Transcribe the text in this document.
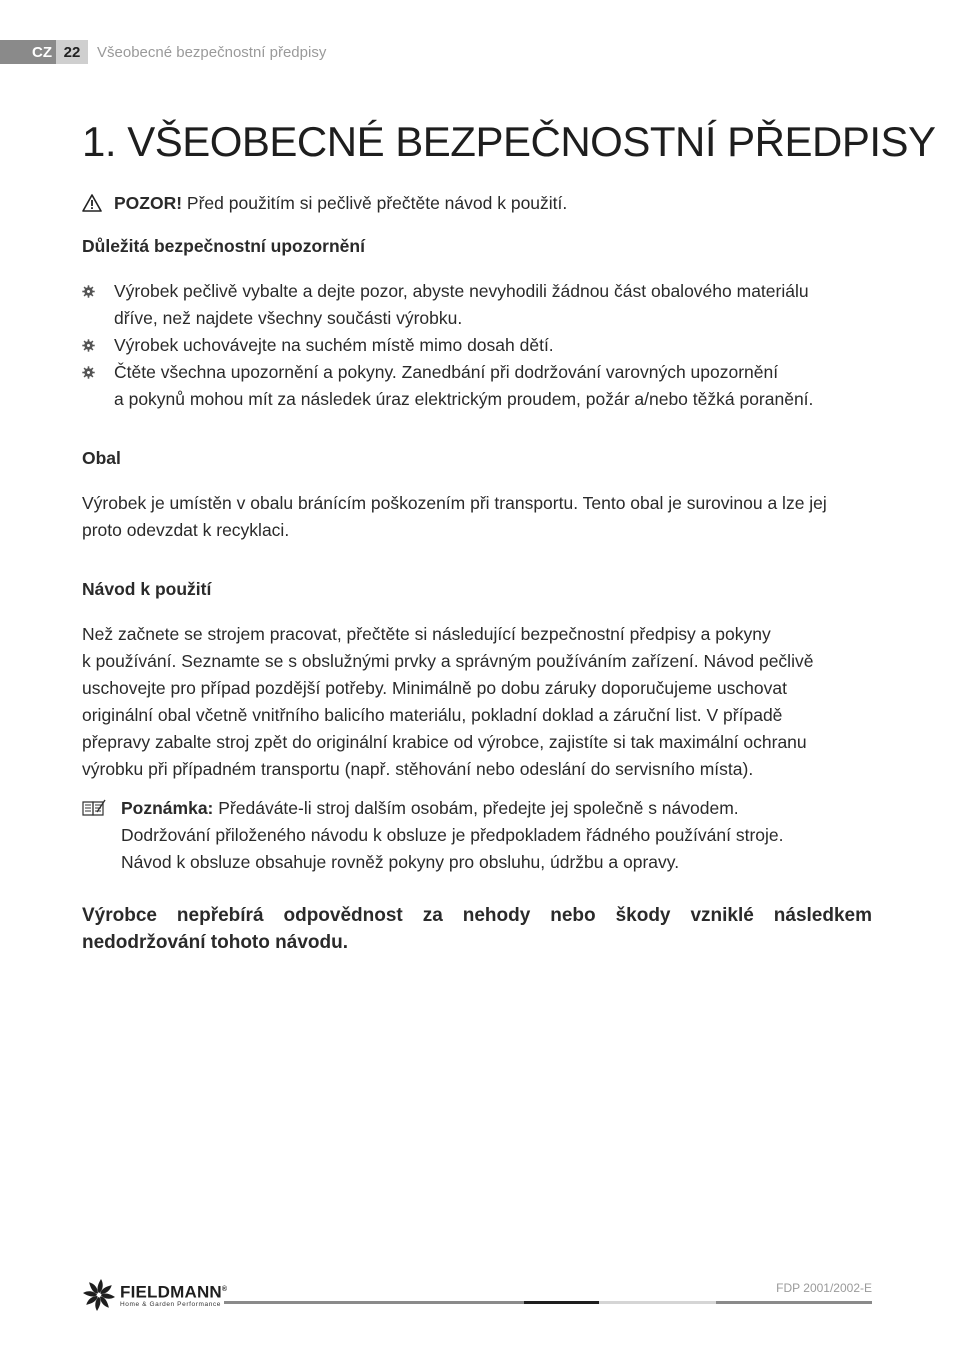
CZ 22	Všeobecné bezpečnostní předpisy
1. VŠEOBECNÉ BEZPEČNOSTNÍ PŘEDPISY

POZOR! Před použitím si pečlivě přečtěte návod k použití.

Důležitá bezpečnostní upozornění
Výrobek pečlivě vybalte a dejte pozor, abyste nevyhodili žádnou část obalového materiálu
dříve, než najdete všechny součásti výrobku.
Výrobek uchovávejte na suchém místě mimo dosah dětí.
Čtěte všechna upozornění a pokyny. Zanedbání při dodržování varovných upozornění
a pokynů mohou mít za následek úraz elektrickým proudem, požár a/nebo těžká poranění.
Obal

Výrobek je umístěn v obalu bránícím poškozením při transportu. Tento obal je surovinou a lze jej
proto odevzdat k recyklaci.

Návod k použití

Než začnete se strojem pracovat, přečtěte si následující bezpečnostní předpisy a pokyny
k používání. Seznamte se s obslužnými prvky a správným používáním zařízení. Návod pečlivě
uschovejte pro případ pozdější potřeby. Minimálně po dobu záruky doporučujeme uschovat
originální obal včetně vnitřního balicího materiálu, pokladní doklad a záruční list. V případě
přepravy zabalte stroj zpět do originální krabice od výrobce, zajistíte si tak maximální ochranu
výrobku při případném transportu (např. stěhování nebo odeslání do servisního místa).

Poznámka: Předáváte-li stroj dalším osobám, předejte jej společně s návodem.
Dodržování přiloženého návodu k obsluze je předpokladem řádného používání stroje.
Návod k obsluze obsahuje rovněž pokyny pro obsluhu, údržbu a opravy.

Výrobce nepřebírá odpovědnost za nehody nebo škody vzniklé následkem nedodržování tohoto návodu.

FIELDMANN®
Home & Garden Performance
FDP 2001/2002-E
